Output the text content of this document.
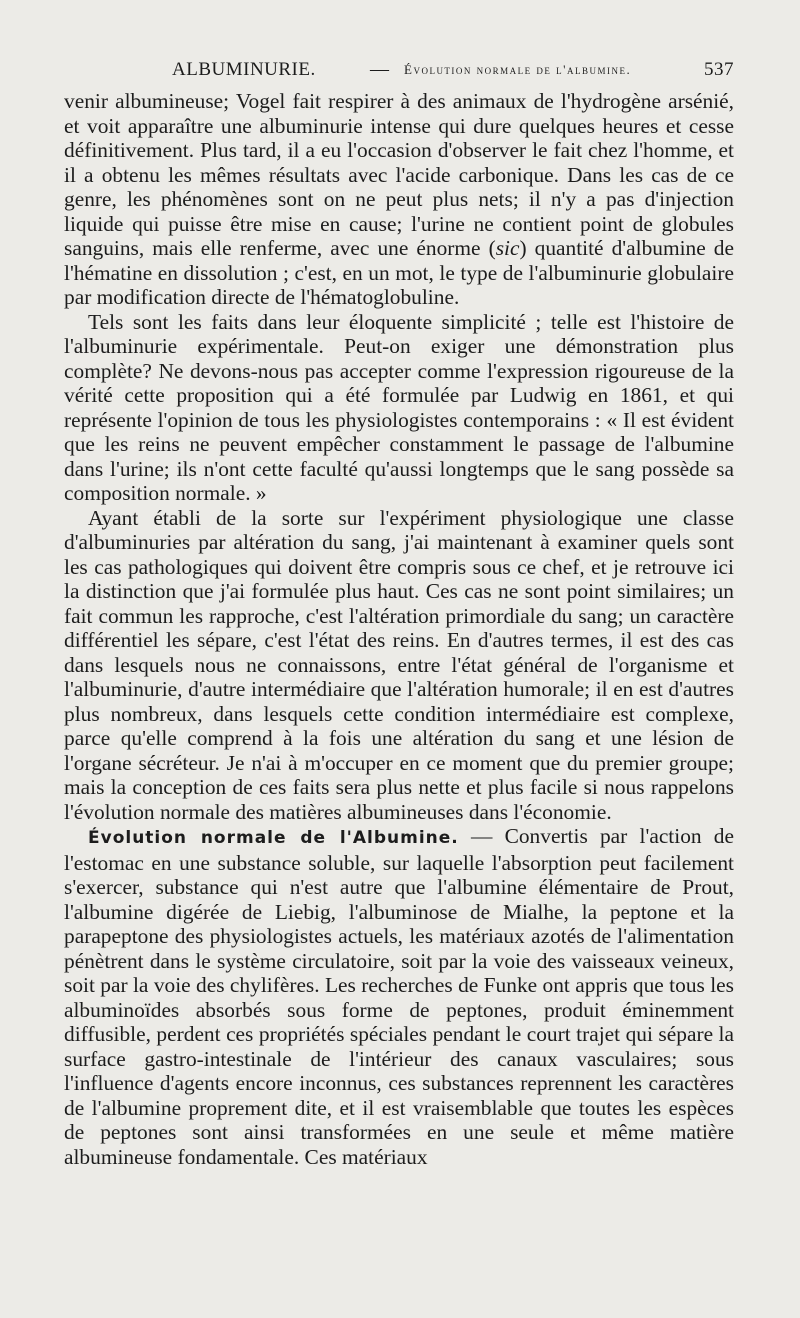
ALBUMINURIE.	— Évolution normale de l'albumine.	537

venir albumineuse; Vogel fait respirer à des animaux de l'hydrogène arsénié, et voit apparaître une albuminurie intense qui dure quelques heures et cesse définitivement. Plus tard, il a eu l'occasion d'observer le fait chez l'homme, et il a obtenu les mêmes résultats avec l'acide carbonique. Dans les cas de ce genre, les phénomènes sont on ne peut plus nets; il n'y a pas d'injection liquide qui puisse être mise en cause; l'urine ne contient point de globules sanguins, mais elle renferme, avec une énorme (sic) quantité d'albumine de l'hématine en dissolution ; c'est, en un mot, le type de l'albuminurie globulaire par modification directe de l'hématoglobuline.

Tels sont les faits dans leur éloquente simplicité ; telle est l'histoire de l'albuminurie expérimentale. Peut-on exiger une démonstration plus complète? Ne devons-nous pas accepter comme l'expression rigoureuse de la vérité cette proposition qui a été formulée par Ludwig en 1861, et qui représente l'opinion de tous les physiologistes contemporains : « Il est évident que les reins ne peuvent empêcher constamment le passage de l'albumine dans l'urine; ils n'ont cette faculté qu'aussi longtemps que le sang possède sa composition normale. »

Ayant établi de la sorte sur l'expériment physiologique une classe d'albuminuries par altération du sang, j'ai maintenant à examiner quels sont les cas pathologiques qui doivent être compris sous ce chef, et je retrouve ici la distinction que j'ai formulée plus haut. Ces cas ne sont point similaires; un fait commun les rapproche, c'est l'altération primordiale du sang; un caractère différentiel les sépare, c'est l'état des reins. En d'autres termes, il est des cas dans lesquels nous ne connaissons, entre l'état général de l'organisme et l'albuminurie, d'autre intermédiaire que l'altération humorale; il en est d'autres plus nombreux, dans lesquels cette condition intermédiaire est complexe, parce qu'elle comprend à la fois une altération du sang et une lésion de l'organe sécréteur. Je n'ai à m'occuper en ce moment que du premier groupe; mais la conception de ces faits sera plus nette et plus facile si nous rappelons l'évolution normale des matières albumineuses dans l'économie.

Évolution normale de l'Albumine. — Convertis par l'action de l'estomac en une substance soluble, sur laquelle l'absorption peut facilement s'exercer, substance qui n'est autre que l'albumine élémentaire de Prout, l'albumine digérée de Liebig, l'albuminose de Mialhe, la peptone et la parapeptone des physiologistes actuels, les matériaux azotés de l'alimentation pénètrent dans le système circulatoire, soit par la voie des vaisseaux veineux, soit par la voie des chylifères. Les recherches de Funke ont appris que tous les albuminoïdes absorbés sous forme de peptones, produit éminemment diffusible, perdent ces propriétés spéciales pendant le court trajet qui sépare la surface gastro-intestinale de l'intérieur des canaux vasculaires; sous l'influence d'agents encore inconnus, ces substances reprennent les caractères de l'albumine proprement dite, et il est vraisemblable que toutes les espèces de peptones sont ainsi transformées en une seule et même matière albumineuse fondamentale. Ces matériaux
